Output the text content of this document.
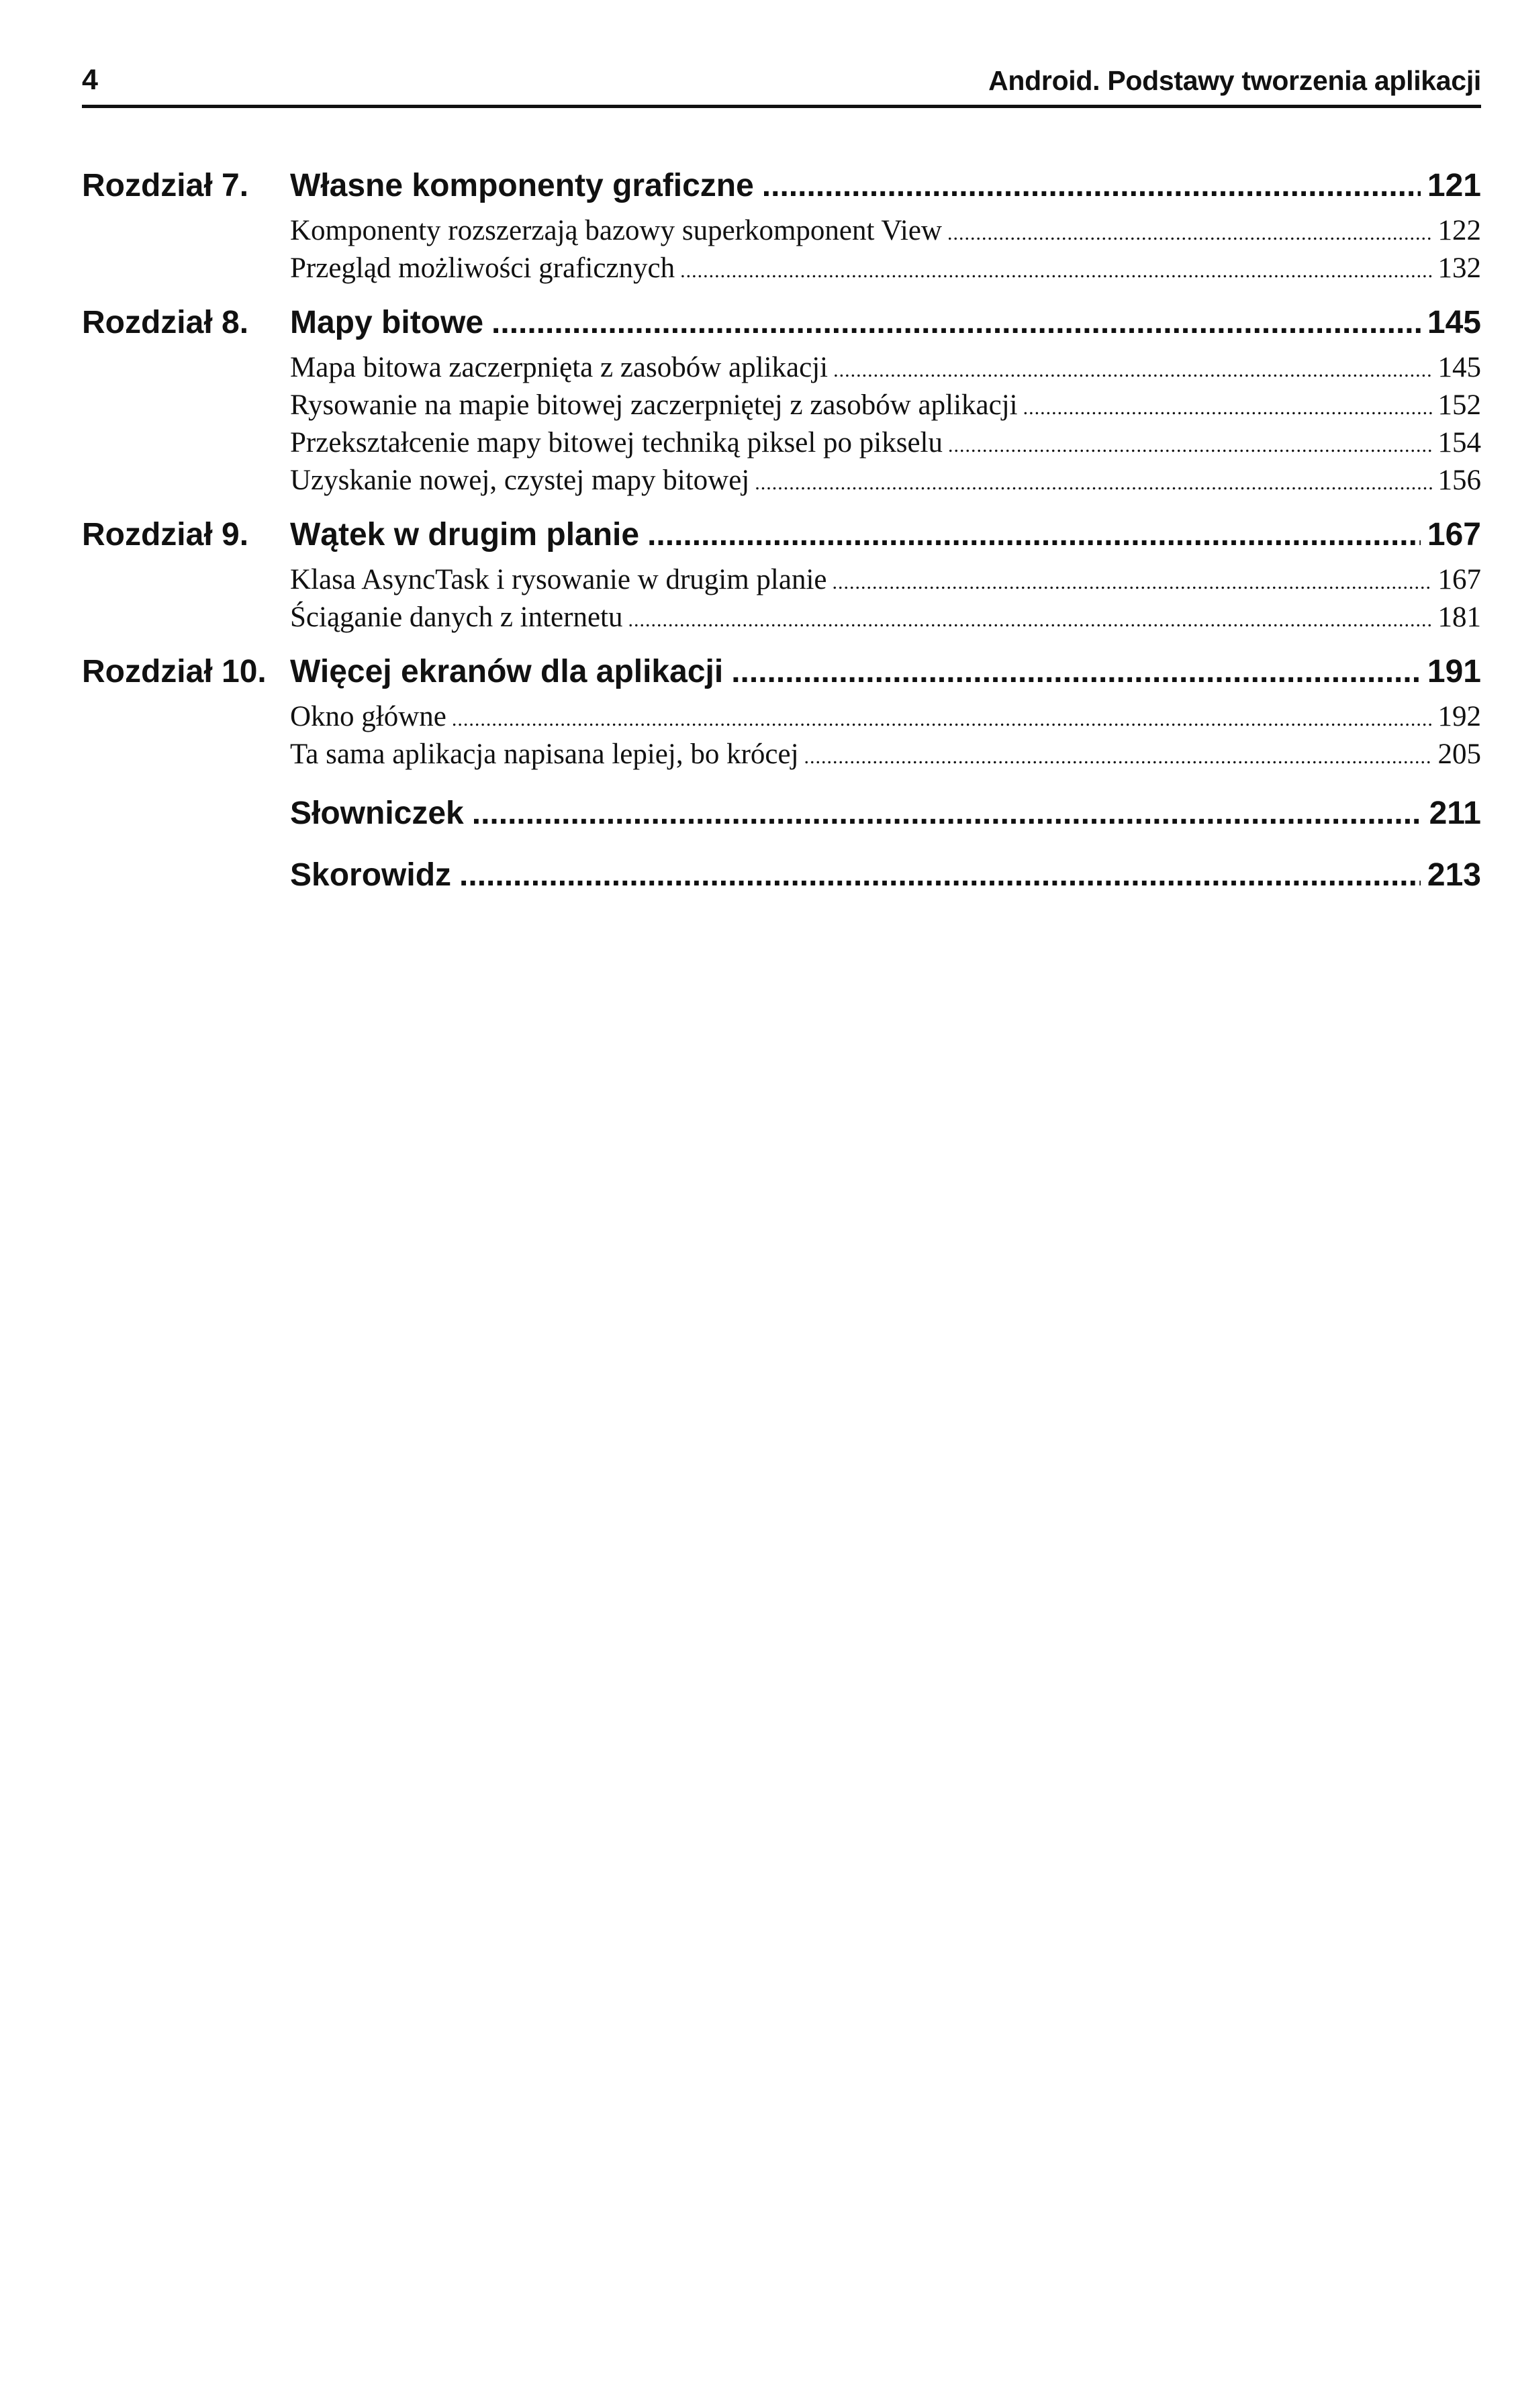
4	Android. Podstawy tworzenia aplikacji
Rozdział 7. Własne komponenty graficzne .....	121
Komponenty rozszerzają bazowy superkomponent View .....	122
Przegląd możliwości graficznych .....	132
Rozdział 8. Mapy bitowe .....	145
Mapa bitowa zaczerpnięta z zasobów aplikacji .....	145
Rysowanie na mapie bitowej zaczerpniętej z zasobów aplikacji .....	152
Przekształcenie mapy bitowej techniką piksel po pikselu .....	154
Uzyskanie nowej, czystej mapy bitowej .....	156
Rozdział 9. Wątek w drugim planie .....	167
Klasa AsyncTask i rysowanie w drugim planie .....	167
Ściąganie danych z internetu .....	181
Rozdział 10. Więcej ekranów dla aplikacji .....	191
Okno główne .....	192
Ta sama aplikacja napisana lepiej, bo krócej .....	205
Słowniczek .....	211
Skorowidz .....	213
